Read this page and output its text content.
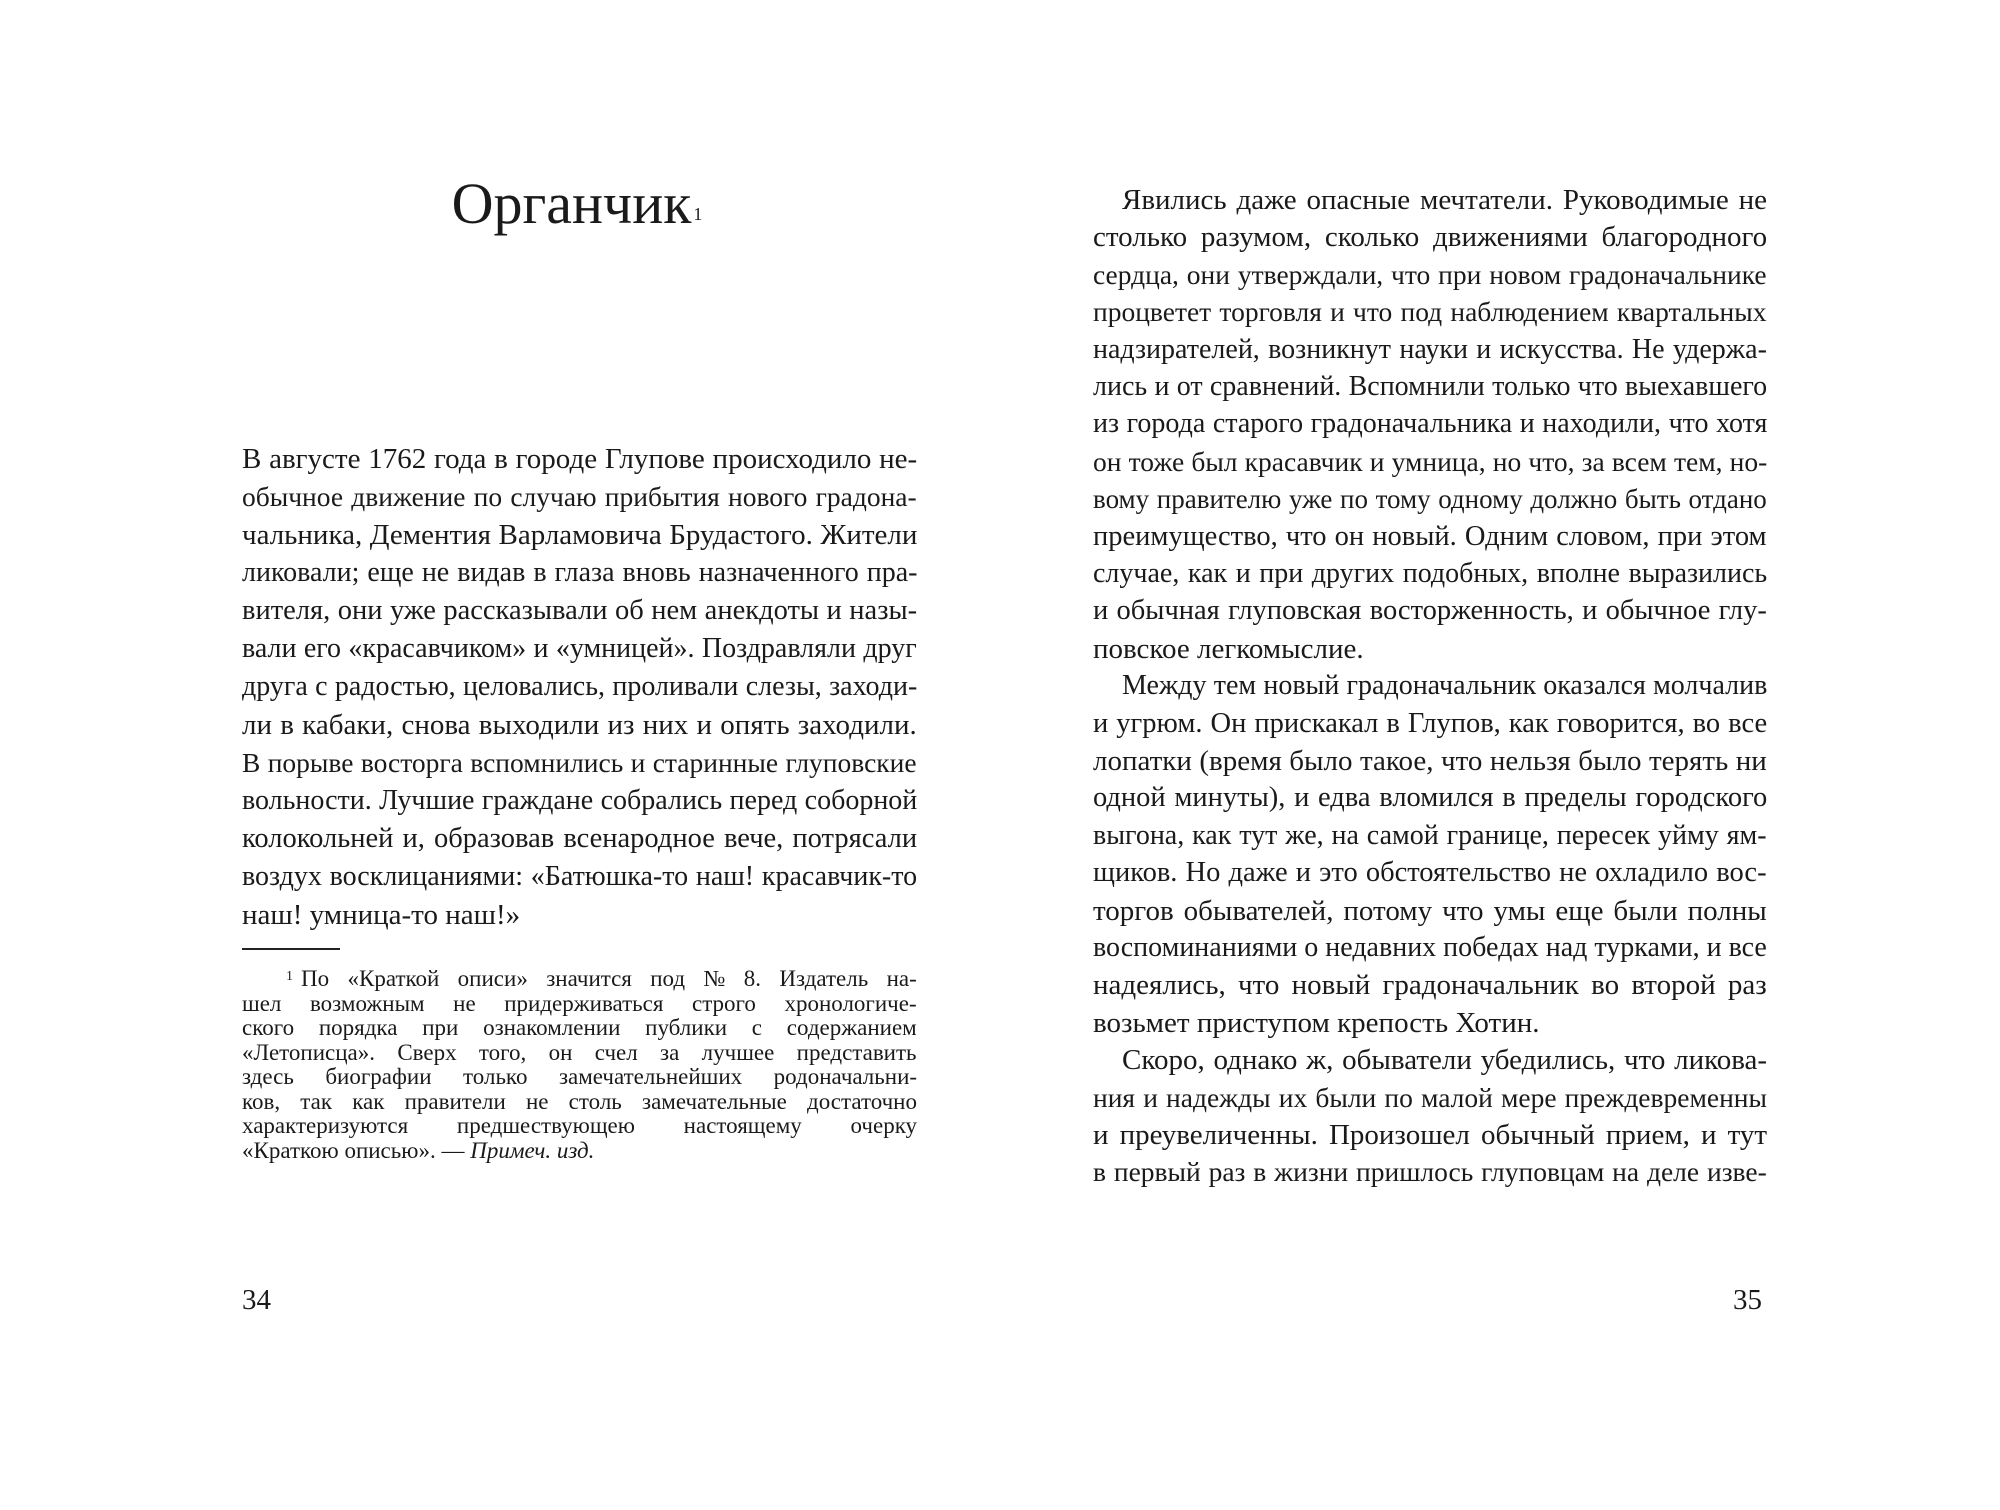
Органчик $^1$
В августе 1762 года в городе Глупове происходило не-
обычное движение по случаю прибытия нового градона-
чальника, Дементия Варламовича Брудастого. Жители
ликовали; еще не видав в глаза вновь назначенного пра-
вителя, они уже рассказывали об нем анекдоты и назы-
вали его «красавчиком» и «умницей». Поздравляли друг
друга с радостью, целовались, проливали слезы, заходи-
ли в кабаки, снова выходили из них и опять заходили.
В порыве восторга вспомнились и старинные глуповские
вольности. Лучшие граждане собрались перед соборной
колокольней и, образовав всенародное вече, потрясали
воздух восклицаниями: «Батюшка-то наш! красавчик-то
наш! умница-то наш!»
$^1$ По «Краткой описи» значится под № 8. Издатель на-
шел возможным не придерживаться строго хронологиче-
ского порядка при ознакомлении публики с содержанием
«Летописца». Сверх того, он счел за лучшее представить
здесь биографии только замечательнейших родоначальни-
ков, так как правители не столь замечательные достаточно
характеризуются предшествующею настоящему очерку
«Краткою описью». — Примеч. изд.
34
Явились даже опасные мечтатели. Руководимые не
столько разумом, сколько движениями благородного
сердца, они утверждали, что при новом градоначальнике
процветет торговля и что под наблюдением квартальных
надзирателей, возникнут науки и искусства. Не удержа-
лись и от сравнений. Вспомнили только что выехавшего
из города старого градоначальника и находили, что хотя
он тоже был красавчик и умница, но что, за всем тем, но-
вому правителю уже по тому одному должно быть отдано
преимущество, что он новый. Одним словом, при этом
случае, как и при других подобных, вполне выразились
и обычная глуповская восторженность, и обычное глу-
повское легкомыслие.
Между тем новый градоначальник оказался молчалив
и угрюм. Он прискакал в Глупов, как говорится, во все
лопатки (время было такое, что нельзя было терять ни
одной минуты), и едва вломился в пределы городского
выгона, как тут же, на самой границе, пересек уйму ям-
щиков. Но даже и это обстоятельство не охладило вос-
торгов обывателей, потому что умы еще были полны
воспоминаниями о недавних победах над турками, и все
надеялись, что новый градоначальник во второй раз
возьмет приступом крепость Хотин.
Скоро, однако ж, обыватели убедились, что ликова-
ния и надежды их были по малой мере преждевременны
и преувеличенны. Произошел обычный прием, и тут
в первый раз в жизни пришлось глуповцам на деле изве-
35
